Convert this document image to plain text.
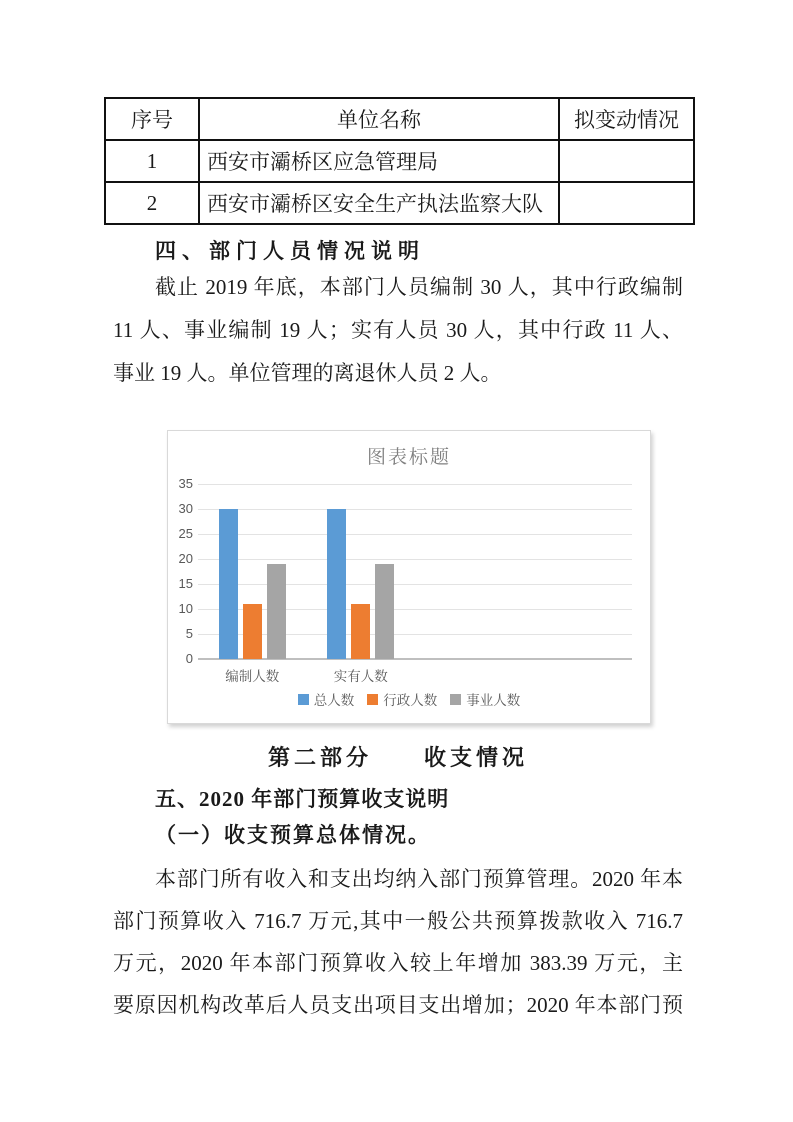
序号	单位名称	拟变动情况
1	西安市灞桥区应急管理局	
2	西安市灞桥区安全生产执法监察大队	
四、部门人员情况说明
截止 2019 年底，本部门人员编制 30 人，其中行政编制
11 人、事业编制 19 人；实有人员 30 人，其中行政 11 人、
事业 19 人。单位管理的离退休人员 2 人。
图表标题
0
5
10
15
20
25
30
35
编制人数	实有人数
总人数 行政人数 事业人数
第二部分　　收支情况
五、2020 年部门预算收支说明
（一）收支预算总体情况。
本部门所有收入和支出均纳入部门预算管理。2020 年本
部门预算收入 716.7 万元,其中一般公共预算拨款收入 716.7
万元，2020 年本部门预算收入较上年增加 383.39 万元，主
要原因机构改革后人员支出项目支出增加；2020 年本部门预
